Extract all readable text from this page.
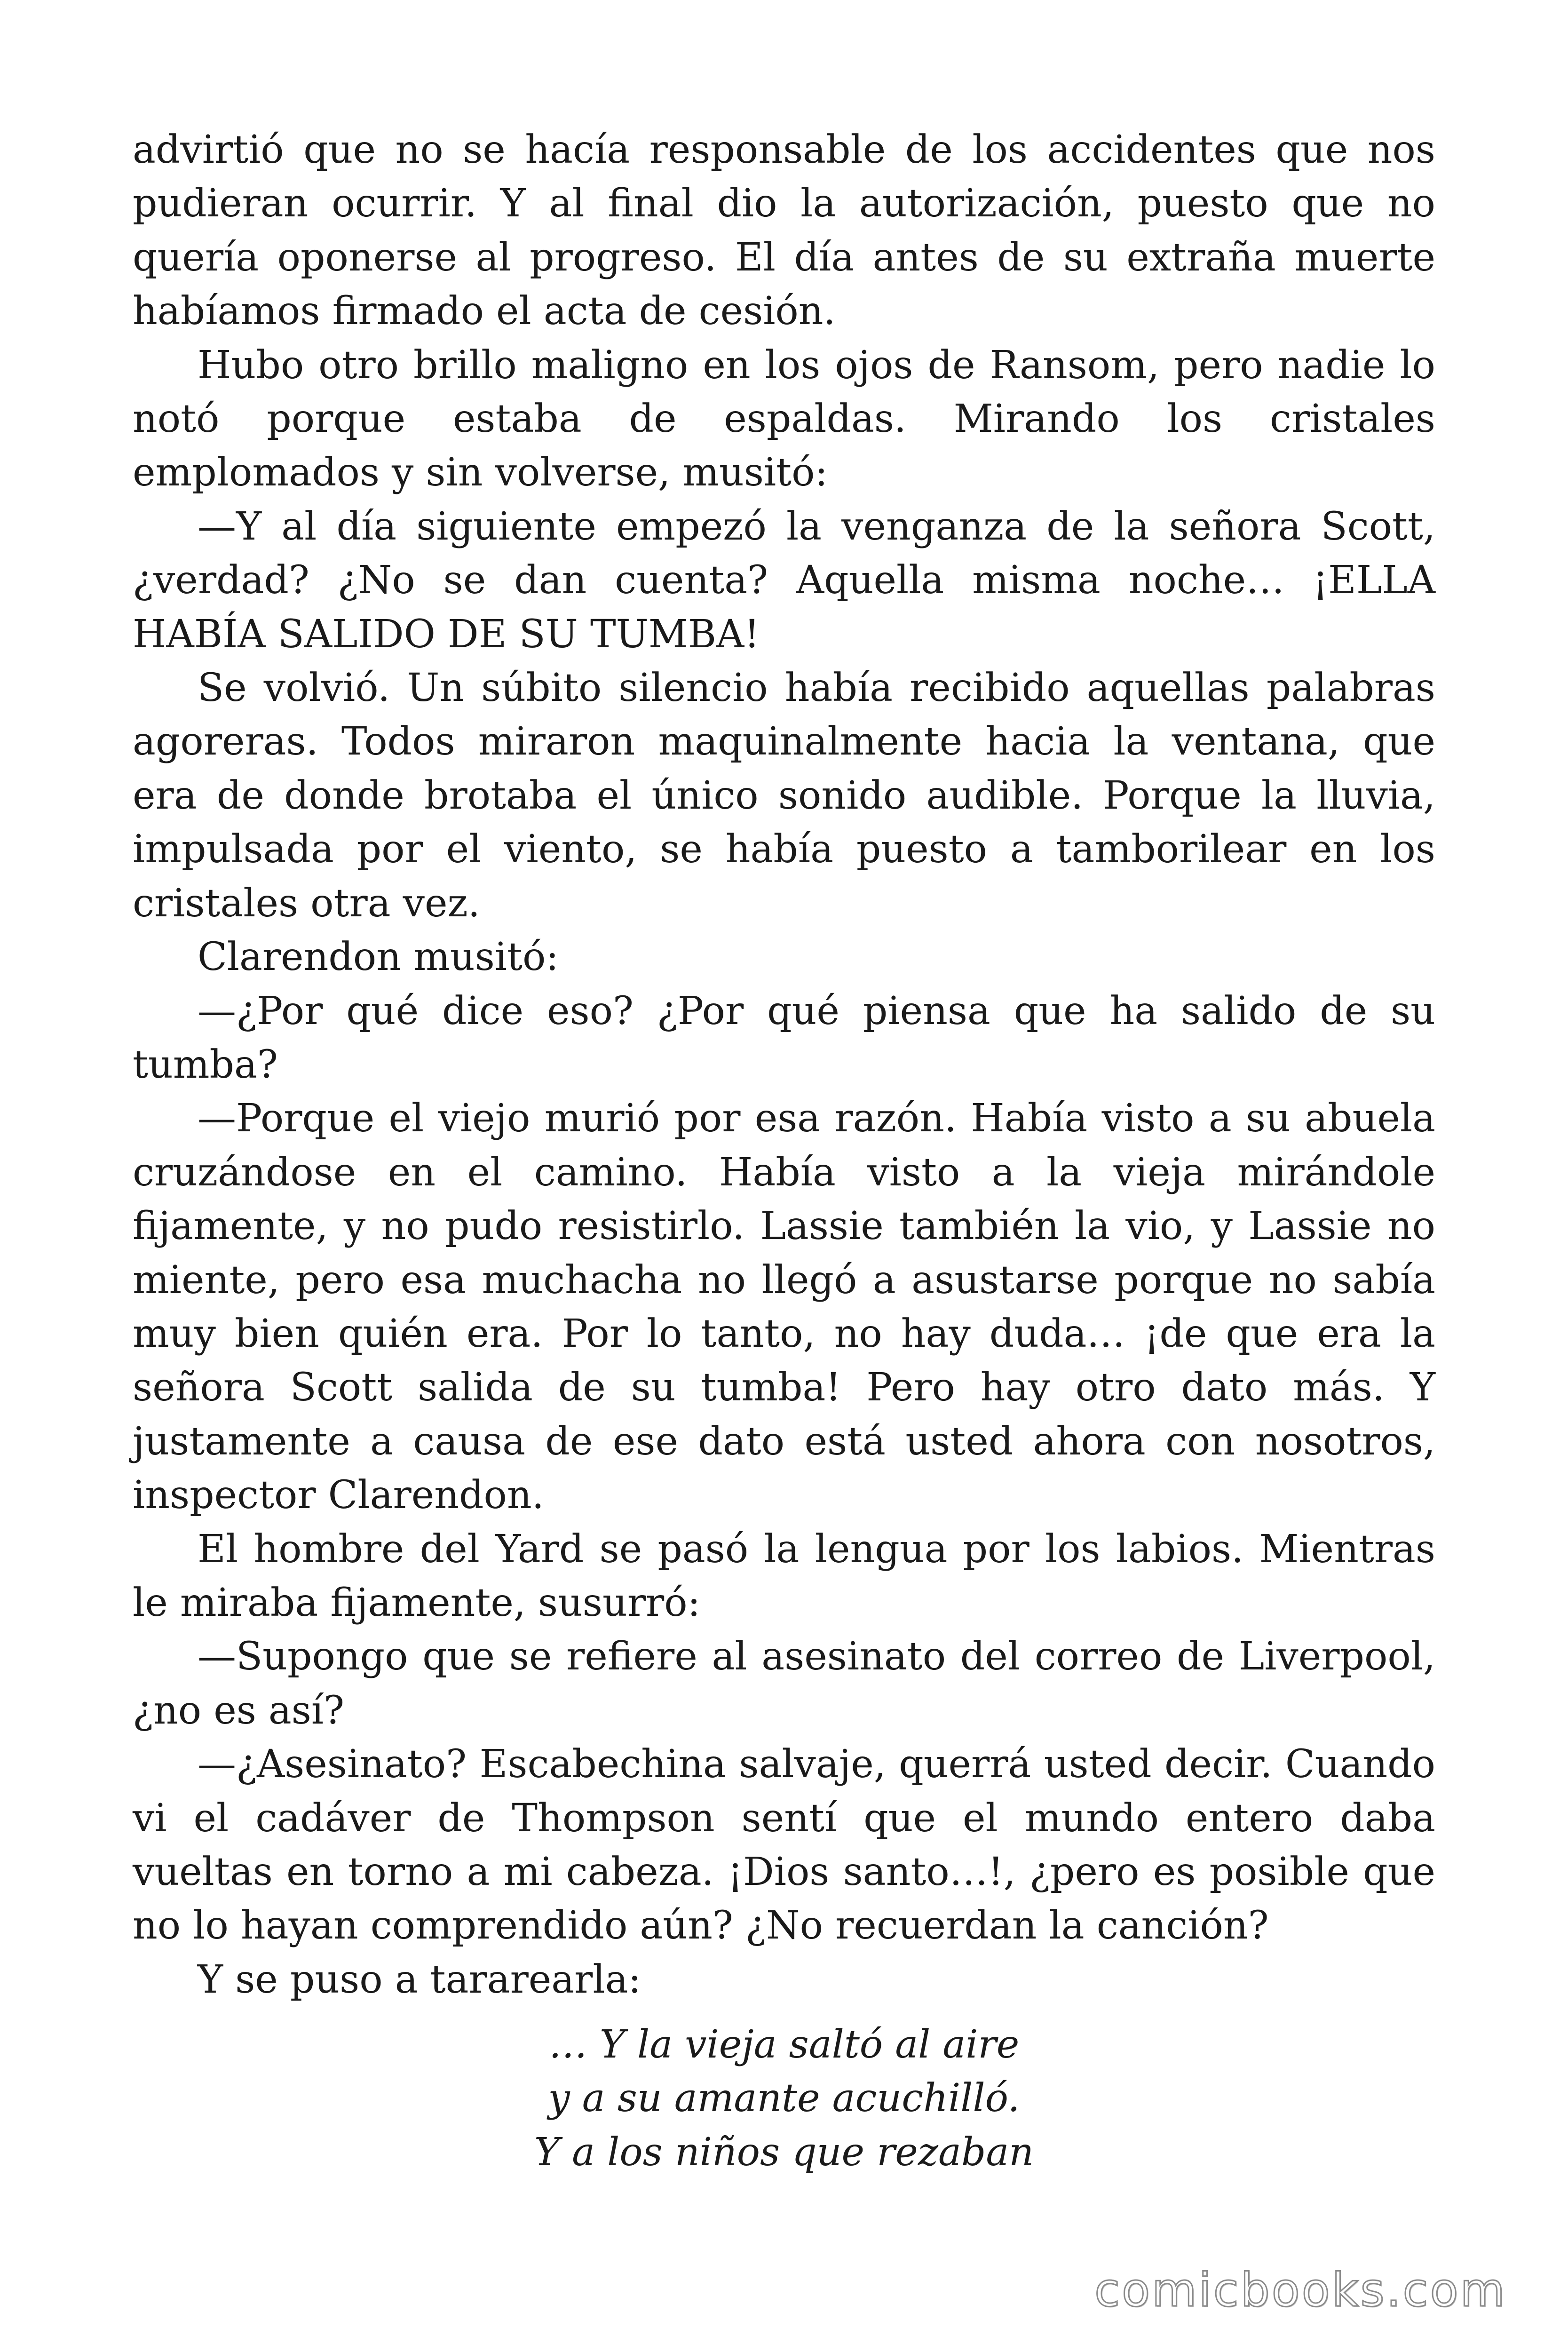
advirtió que no se hacía responsable de los accidentes que nos pudieran ocurrir. Y al final dio la autorización, puesto que no quería oponerse al progreso. El día antes de su extraña muerte habíamos firmado el acta de cesión.

Hubo otro brillo maligno en los ojos de Ransom, pero nadie lo notó porque estaba de espaldas. Mirando los cristales emplomados y sin volverse, musitó:

—Y al día siguiente empezó la venganza de la señora Scott, ¿verdad? ¿No se dan cuenta? Aquella misma noche… ¡ELLA HABÍA SALIDO DE SU TUMBA!

Se volvió. Un súbito silencio había recibido aquellas palabras agoreras. Todos miraron maquinalmente hacia la ventana, que era de donde brotaba el único sonido audible. Porque la lluvia, impulsada por el viento, se había puesto a tamborilear en los cristales otra vez.

Clarendon musitó:

—¿Por qué dice eso? ¿Por qué piensa que ha salido de su tumba?

—Porque el viejo murió por esa razón. Había visto a su abuela cruzándose en el camino. Había visto a la vieja mirándole fijamente, y no pudo resistirlo. Lassie también la vio, y Lassie no miente, pero esa muchacha no llegó a asustarse porque no sabía muy bien quién era. Por lo tanto, no hay duda… ¡de que era la señora Scott salida de su tumba! Pero hay otro dato más. Y justamente a causa de ese dato está usted ahora con nosotros, inspector Clarendon.

El hombre del Yard se pasó la lengua por los labios. Mientras le miraba fijamente, susurró:

—Supongo que se refiere al asesinato del correo de Liverpool, ¿no es así?

—¿Asesinato? Escabechina salvaje, querrá usted decir. Cuando vi el cadáver de Thompson sentí que el mundo entero daba vueltas en torno a mi cabeza. ¡Dios santo…!, ¿pero es posible que no lo hayan comprendido aún? ¿No recuerdan la canción?

Y se puso a tararearla:

… Y la vieja saltó al aire
y a su amante acuchilló.
Y a los niños que rezaban
comicbooks.com
